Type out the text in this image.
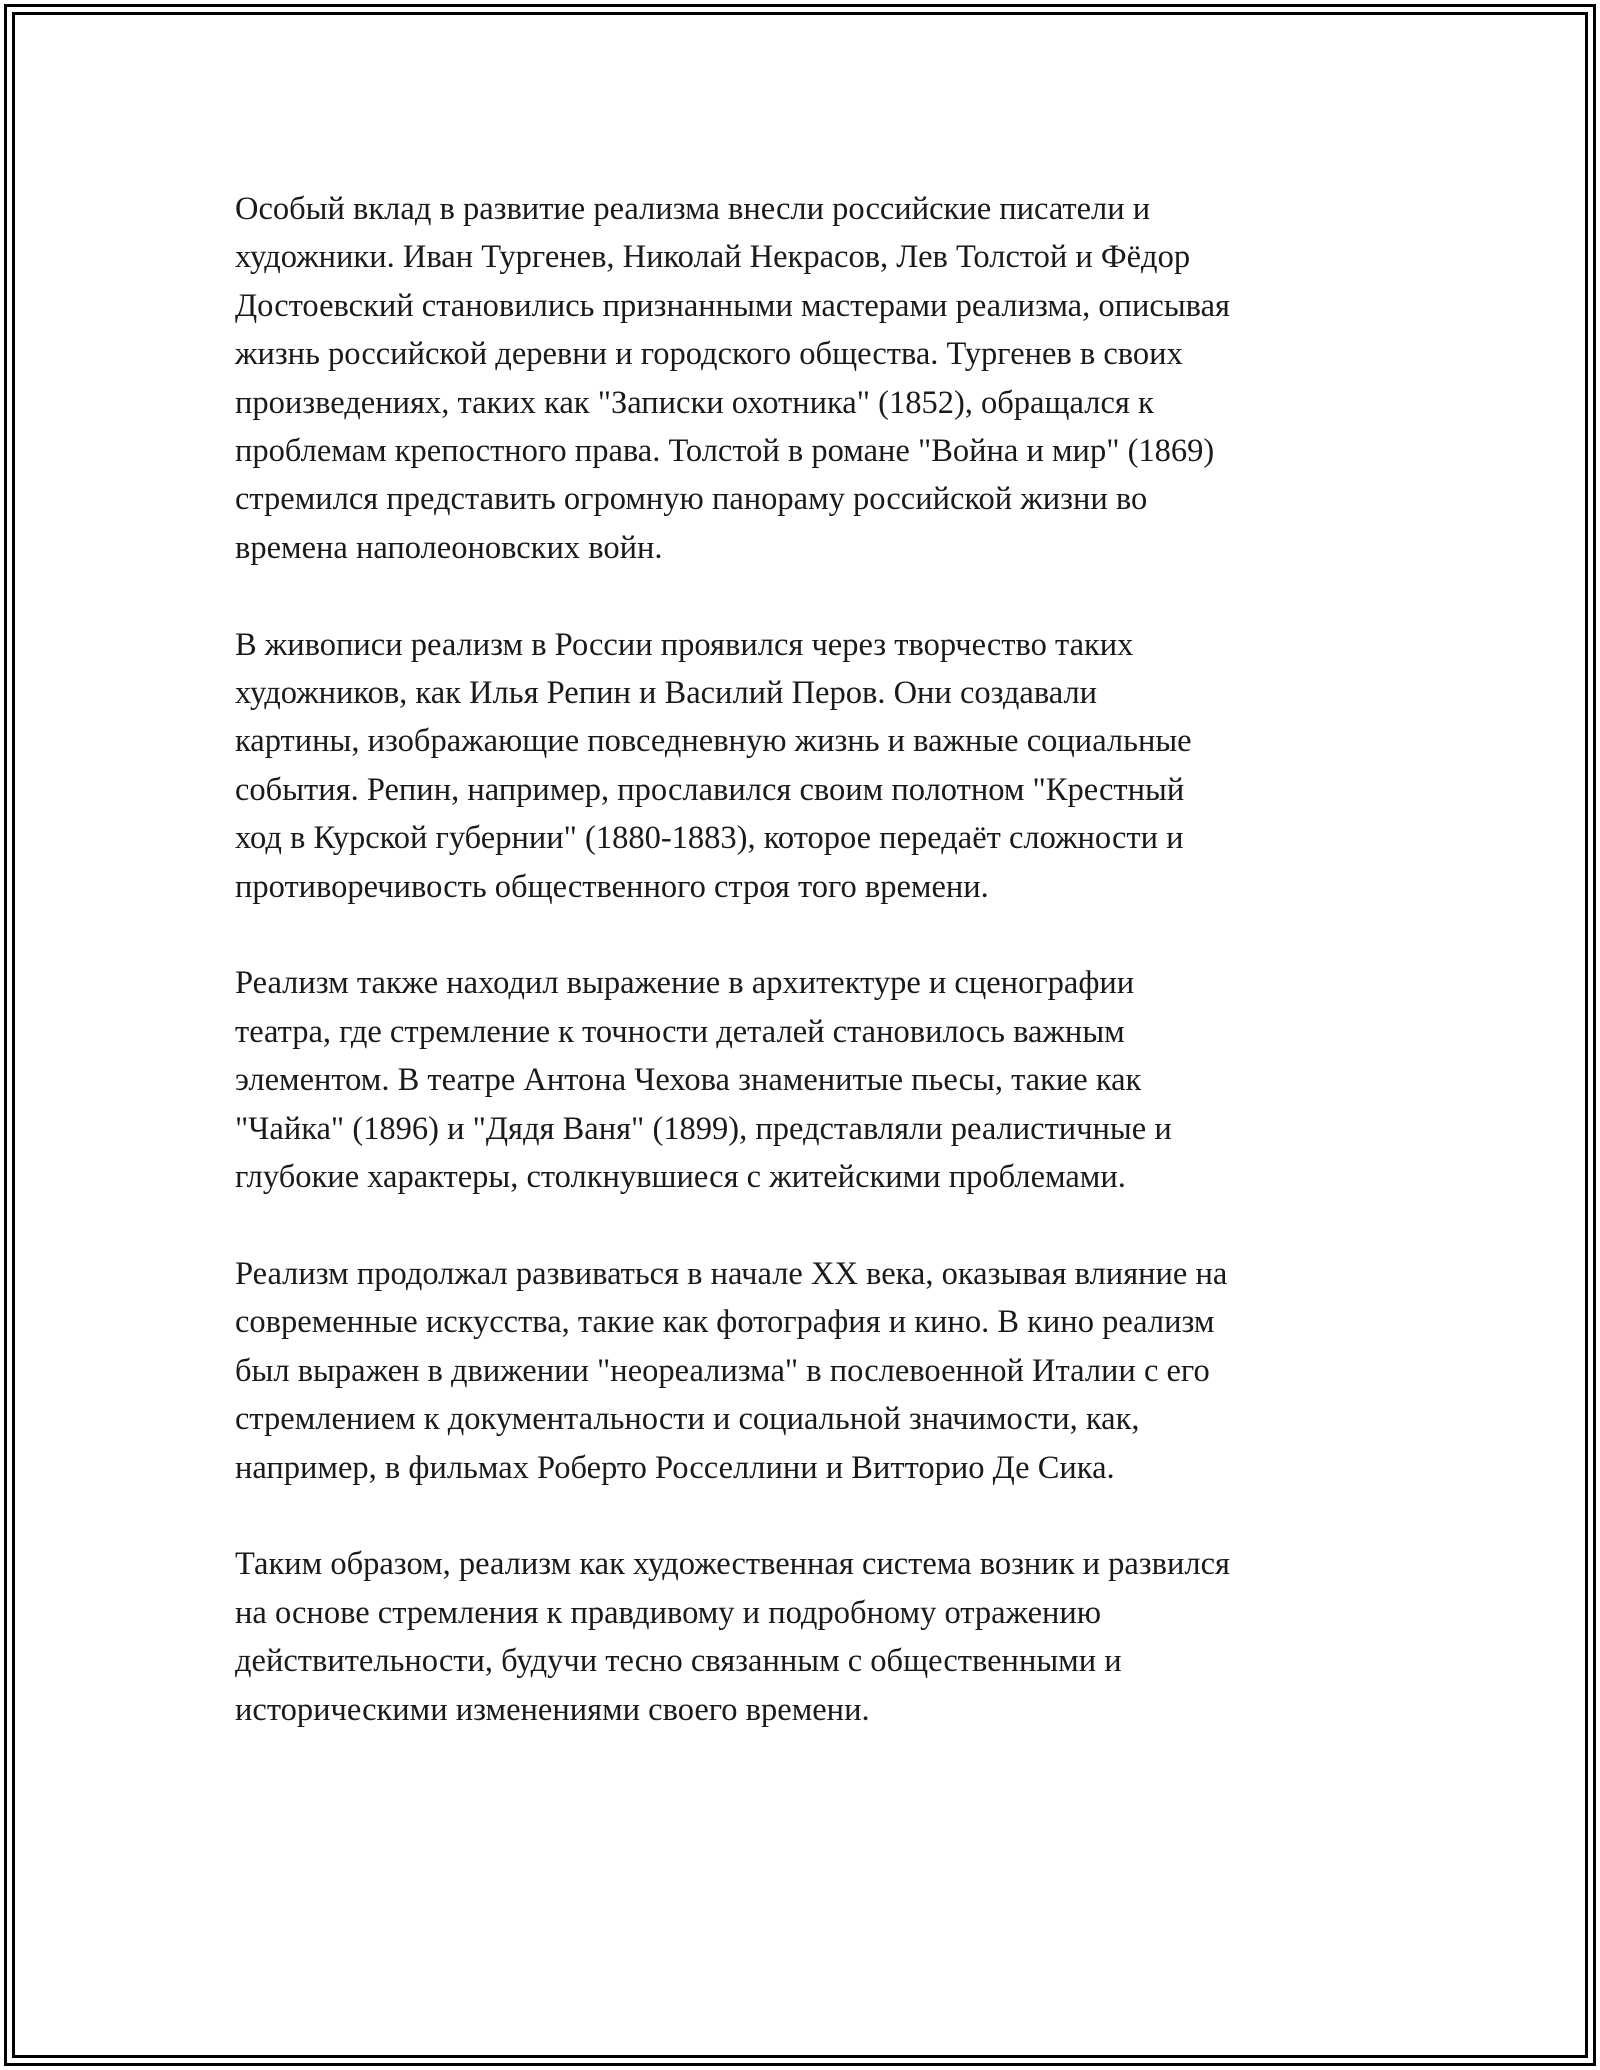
Особый вклад в развитие реализма внесли российские писатели и
художники. Иван Тургенев, Николай Некрасов, Лев Толстой и Фёдор
Достоевский становились признанными мастерами реализма, описывая
жизнь российской деревни и городского общества. Тургенев в своих
произведениях, таких как "Записки охотника" (1852), обращался к
проблемам крепостного права. Толстой в романе "Война и мир" (1869)
стремился представить огромную панораму российской жизни во
времена наполеоновских войн.

В живописи реализм в России проявился через творчество таких
художников, как Илья Репин и Василий Перов. Они создавали
картины, изображающие повседневную жизнь и важные социальные
события. Репин, например, прославился своим полотном "Крестный
ход в Курской губернии" (1880-1883), которое передаёт сложности и
противоречивость общественного строя того времени.

Реализм также находил выражение в архитектуре и сценографии
театра, где стремление к точности деталей становилось важным
элементом. В театре Антона Чехова знаменитые пьесы, такие как
"Чайка" (1896) и "Дядя Ваня" (1899), представляли реалистичные и
глубокие характеры, столкнувшиеся с житейскими проблемами.

Реализм продолжал развиваться в начале XX века, оказывая влияние на
современные искусства, такие как фотография и кино. В кино реализм
был выражен в движении "неореализма" в послевоенной Италии с его
стремлением к документальности и социальной значимости, как,
например, в фильмах Роберто Росселлини и Витторио Де Сика.

Таким образом, реализм как художественная система возник и развился
на основе стремления к правдивому и подробному отражению
действительности, будучи тесно связанным с общественными и
историческими изменениями своего времени.
